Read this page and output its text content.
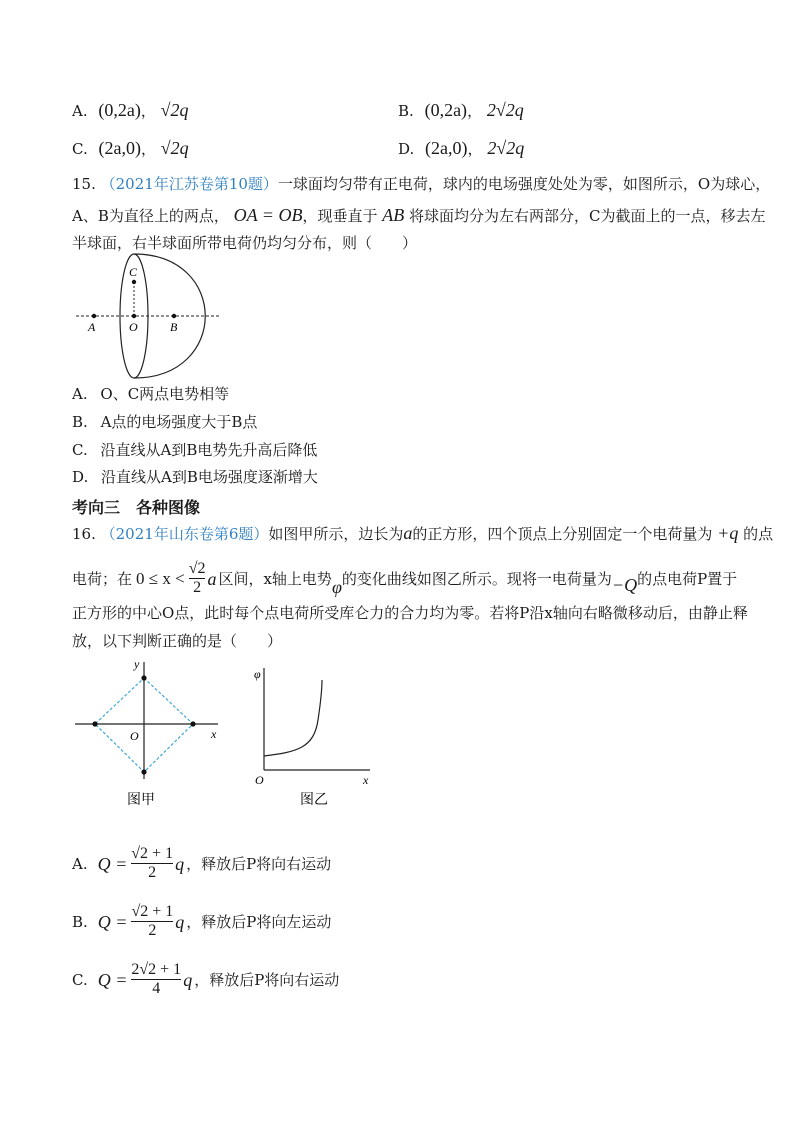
A. (0,2a)， √2q	B. (0,2a)， 2√2q
C. (2a,0)， √2q	D. (2a,0)， 2√2q
15. （2021年江苏卷第10题）一球面均匀带有正电荷，球内的电场强度处处为零，如图所示，O为球心，
A、B为直径上的两点， OA = OB，现垂直于 AB 将球面均分为左右两部分，C为截面上的一点，移去左
半球面，右半球面所带电荷仍均匀分布，则（　　）
C
A	O	B
A. O、C两点电势相等
B. A点的电场强度大于B点
C. 沿直线从A到B电势先升高后降低
D. 沿直线从A到B电场强度逐渐增大
考向三　各种图像
16. （2021年山东卷第6题）如图甲所示，边长为a的正方形，四个顶点上分别固定一个电荷量为 +q 的点
电荷；在 $0 \le x < \frac{√2}{2}$ a 区间，x轴上电势 φ 的变化曲线如图乙所示。现将一电荷量为 −Q 的点电荷P置于
正方形的中心O点，此时每个点电荷所受库仑力的合力均为零。若将P沿x轴向右略微移动后，由静止释
放，以下判断正确的是（　　）
y
O	x
图甲
φ
O	x
图乙
A. $Q = \frac{√2 + 1}{2}$ q ，释放后P将向右运动
B. $Q = \frac{√2 + 1}{2}$ q ，释放后P将向左运动
C. $Q = \frac{2√2 + 1}{4}$ q ，释放后P将向右运动
